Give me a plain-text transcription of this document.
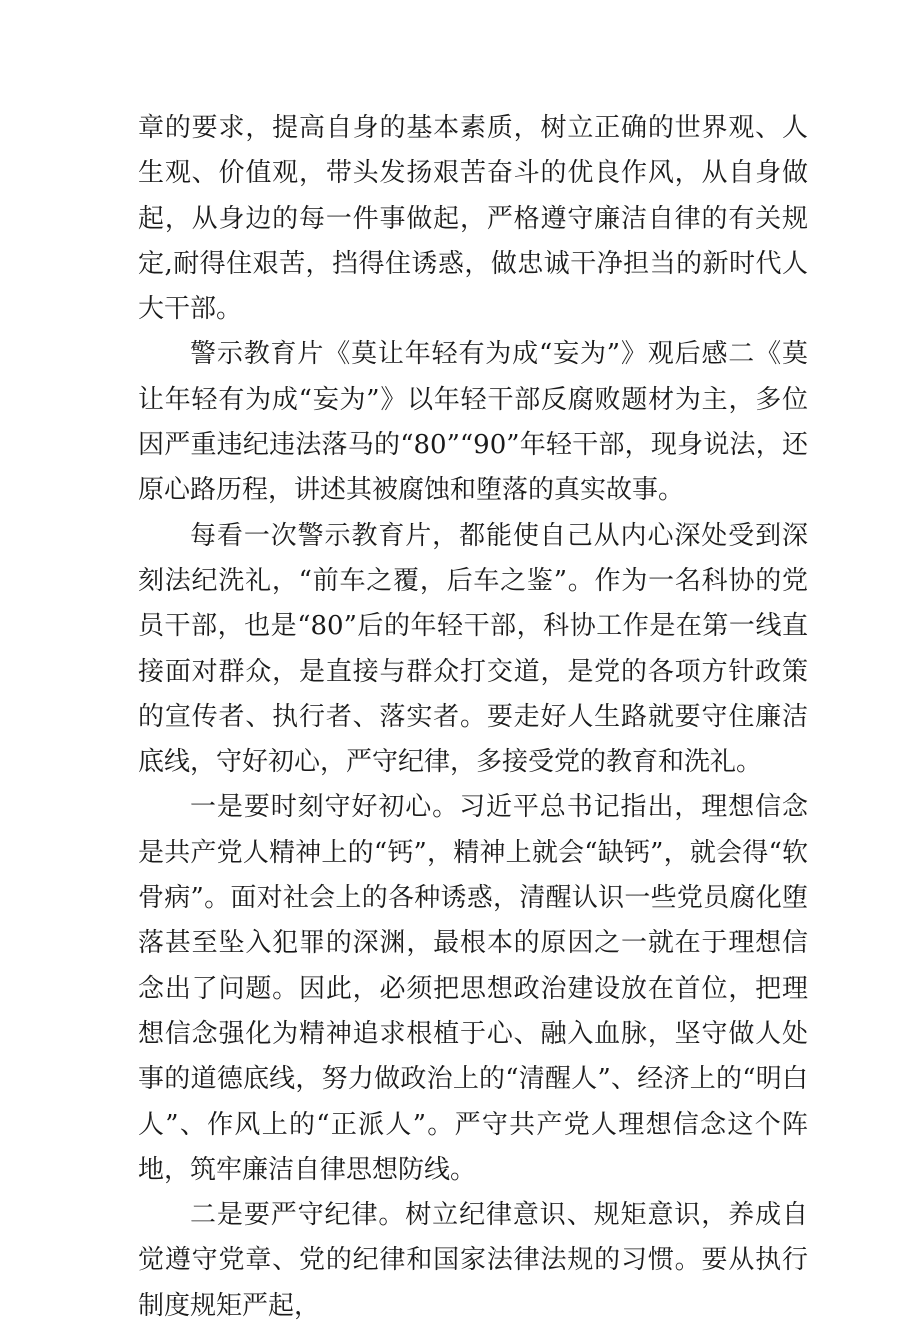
章的要求，提高自身的基本素质，树立正确的世界观、人生观、价值观，带头发扬艰苦奋斗的优良作风，从自身做起，从身边的每一件事做起，严格遵守廉洁自律的有关规定,耐得住艰苦，挡得住诱惑，做忠诚干净担当的新时代人大干部。

警示教育片《莫让年轻有为成“妄为”》观后感二《莫让年轻有为成“妄为”》以年轻干部反腐败题材为主，多位因严重违纪违法落马的“80”“90”年轻干部，现身说法，还原心路历程，讲述其被腐蚀和堕落的真实故事。

每看一次警示教育片，都能使自己从内心深处受到深刻法纪洗礼，“前车之覆，后车之鉴”。作为一名科协的党员干部，也是“80”后的年轻干部，科协工作是在第一线直接面对群众，是直接与群众打交道，是党的各项方针政策的宣传者、执行者、落实者。要走好人生路就要守住廉洁底线，守好初心，严守纪律，多接受党的教育和洗礼。

一是要时刻守好初心。习近平总书记指出，理想信念是共产党人精神上的“钙”，精神上就会“缺钙”，就会得“软骨病”。面对社会上的各种诱惑，清醒认识一些党员腐化堕落甚至坠入犯罪的深渊，最根本的原因之一就在于理想信念出了问题。因此，必须把思想政治建设放在首位，把理想信念强化为精神追求根植于心、融入血脉，坚守做人处事的道德底线，努力做政治上的“清醒人”、经济上的“明白人”、作风上的“正派人”。严守共产党人理想信念这个阵地，筑牢廉洁自律思想防线。

二是要严守纪律。树立纪律意识、规矩意识，养成自觉遵守党章、党的纪律和国家法律法规的习惯。要从执行制度规矩严起，
